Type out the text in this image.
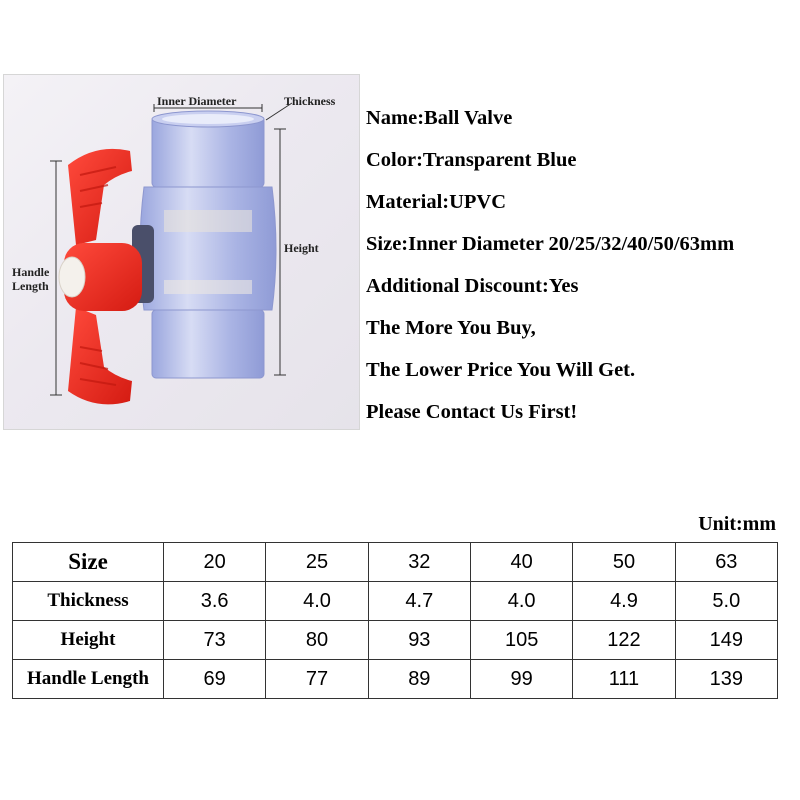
Inner Diameter	Thickness
Height
Handle
Length
Name:Ball Valve
Color:Transparent Blue
Material:UPVC
Size:Inner Diameter 20/25/32/40/50/63mm
Additional Discount:Yes
The More You Buy,
The Lower Price You Will Get.
Please Contact Us First!
Unit:mm
Size	20	25	32	40	50	63
Thickness	3.6	4.0	4.7	4.0	4.9	5.0
Height	73	80	93	105	122	149
Handle Length	69	77	89	99	111	139
